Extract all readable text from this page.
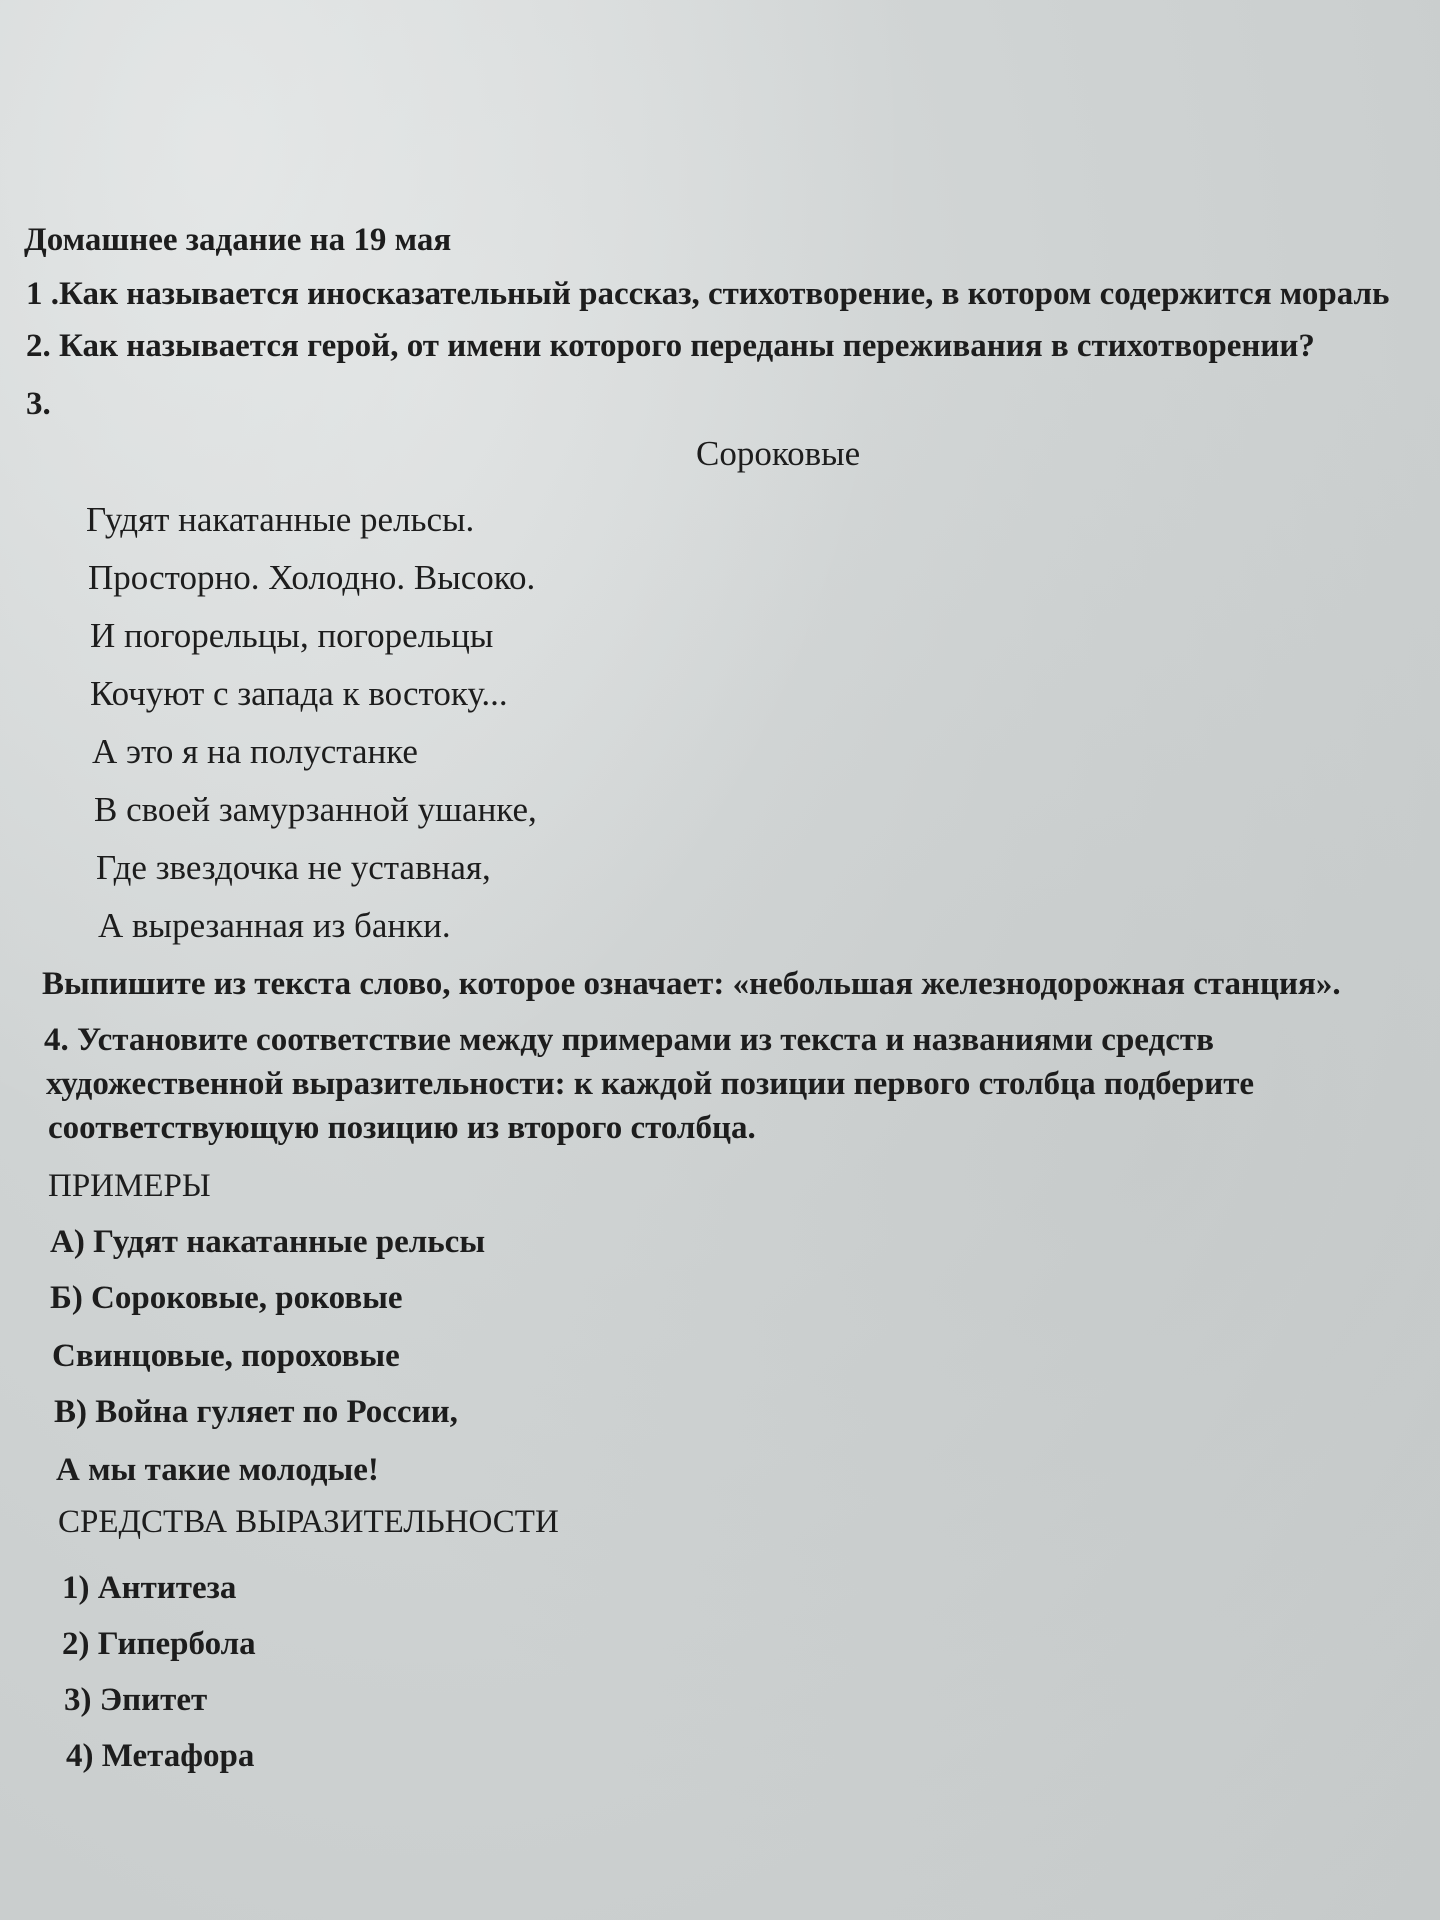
Домашнее задание на 19 мая
1 .Как называется иносказательный рассказ, стихотворение, в котором содержится мораль
2. Как называется герой, от имени которого переданы переживания в стихотворении?
3.
Сороковые
Гудят накатанные рельсы.
Просторно. Холодно. Высоко.
И погорельцы, погорельцы
Кочуют с запада к востоку...
А это я на полустанке
В своей замурзанной ушанке,
Где звездочка не уставная,
А вырезанная из банки.
Выпишите из текста слово, которое означает: «небольшая железнодорожная станция».
4. Установите соответствие между примерами из текста и названиями средств
художественной выразительности: к каждой позиции первого столбца подберите
соответствующую позицию из второго столбца.
ПРИМЕРЫ
А) Гудят накатанные рельсы
Б) Сороковые, роковые
Свинцовые, пороховые
В) Война гуляет по России,
А мы такие молодые!
СРЕДСТВА ВЫРАЗИТЕЛЬНОСТИ
1) Антитеза
2) Гипербола
3) Эпитет
4) Метафора
